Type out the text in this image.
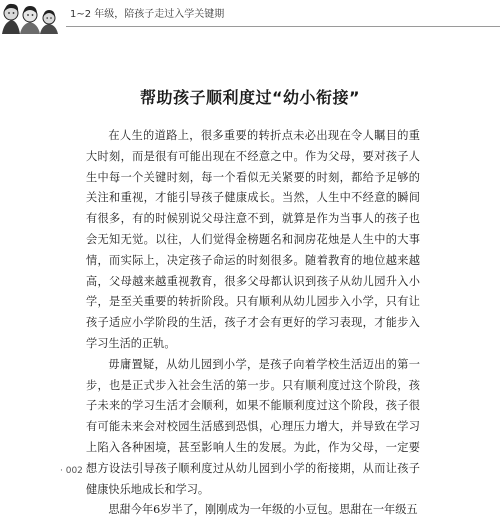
1~2 年级，陪孩子走过入学关键期
帮助孩子顺利度过“幼小衔接”

在人生的道路上，很多重要的转折点未必出现在令人瞩目的重大时刻，而是很有可能出现在不经意之中。作为父母，要对孩子人生中每一个关键时刻，每一个看似无关紧要的时刻，都给予足够的关注和重视，才能引导孩子健康成长。当然，人生中不经意的瞬间有很多，有的时候别说父母注意不到，就算是作为当事人的孩子也会无知无觉。以往，人们觉得金榜题名和洞房花烛是人生中的大事情，而实际上，决定孩子命运的时刻很多。随着教育的地位越来越高，父母越来越重视教育，很多父母都认识到孩子从幼儿园升入小学，是至关重要的转折阶段。只有顺利从幼儿园步入小学，只有让孩子适应小学阶段的生活，孩子才会有更好的学习表现，才能步入学习生活的正轨。

毋庸置疑，从幼儿园到小学，是孩子向着学校生活迈出的第一步，也是正式步入社会生活的第一步。只有顺利度过这个阶段，孩子未来的学习生活才会顺利，如果不能顺利度过这个阶段，孩子很有可能未来会对校园生活感到恐惧，心理压力增大，并导致在学习上陷入各种困境，甚至影响人生的发展。为此，作为父母，一定要想方设法引导孩子顺利度过从幼儿园到小学的衔接期，从而让孩子健康快乐地成长和学习。

思甜今年6岁半了，刚刚成为一年级的小豆包。思甜在一年级五

· 002 ·
